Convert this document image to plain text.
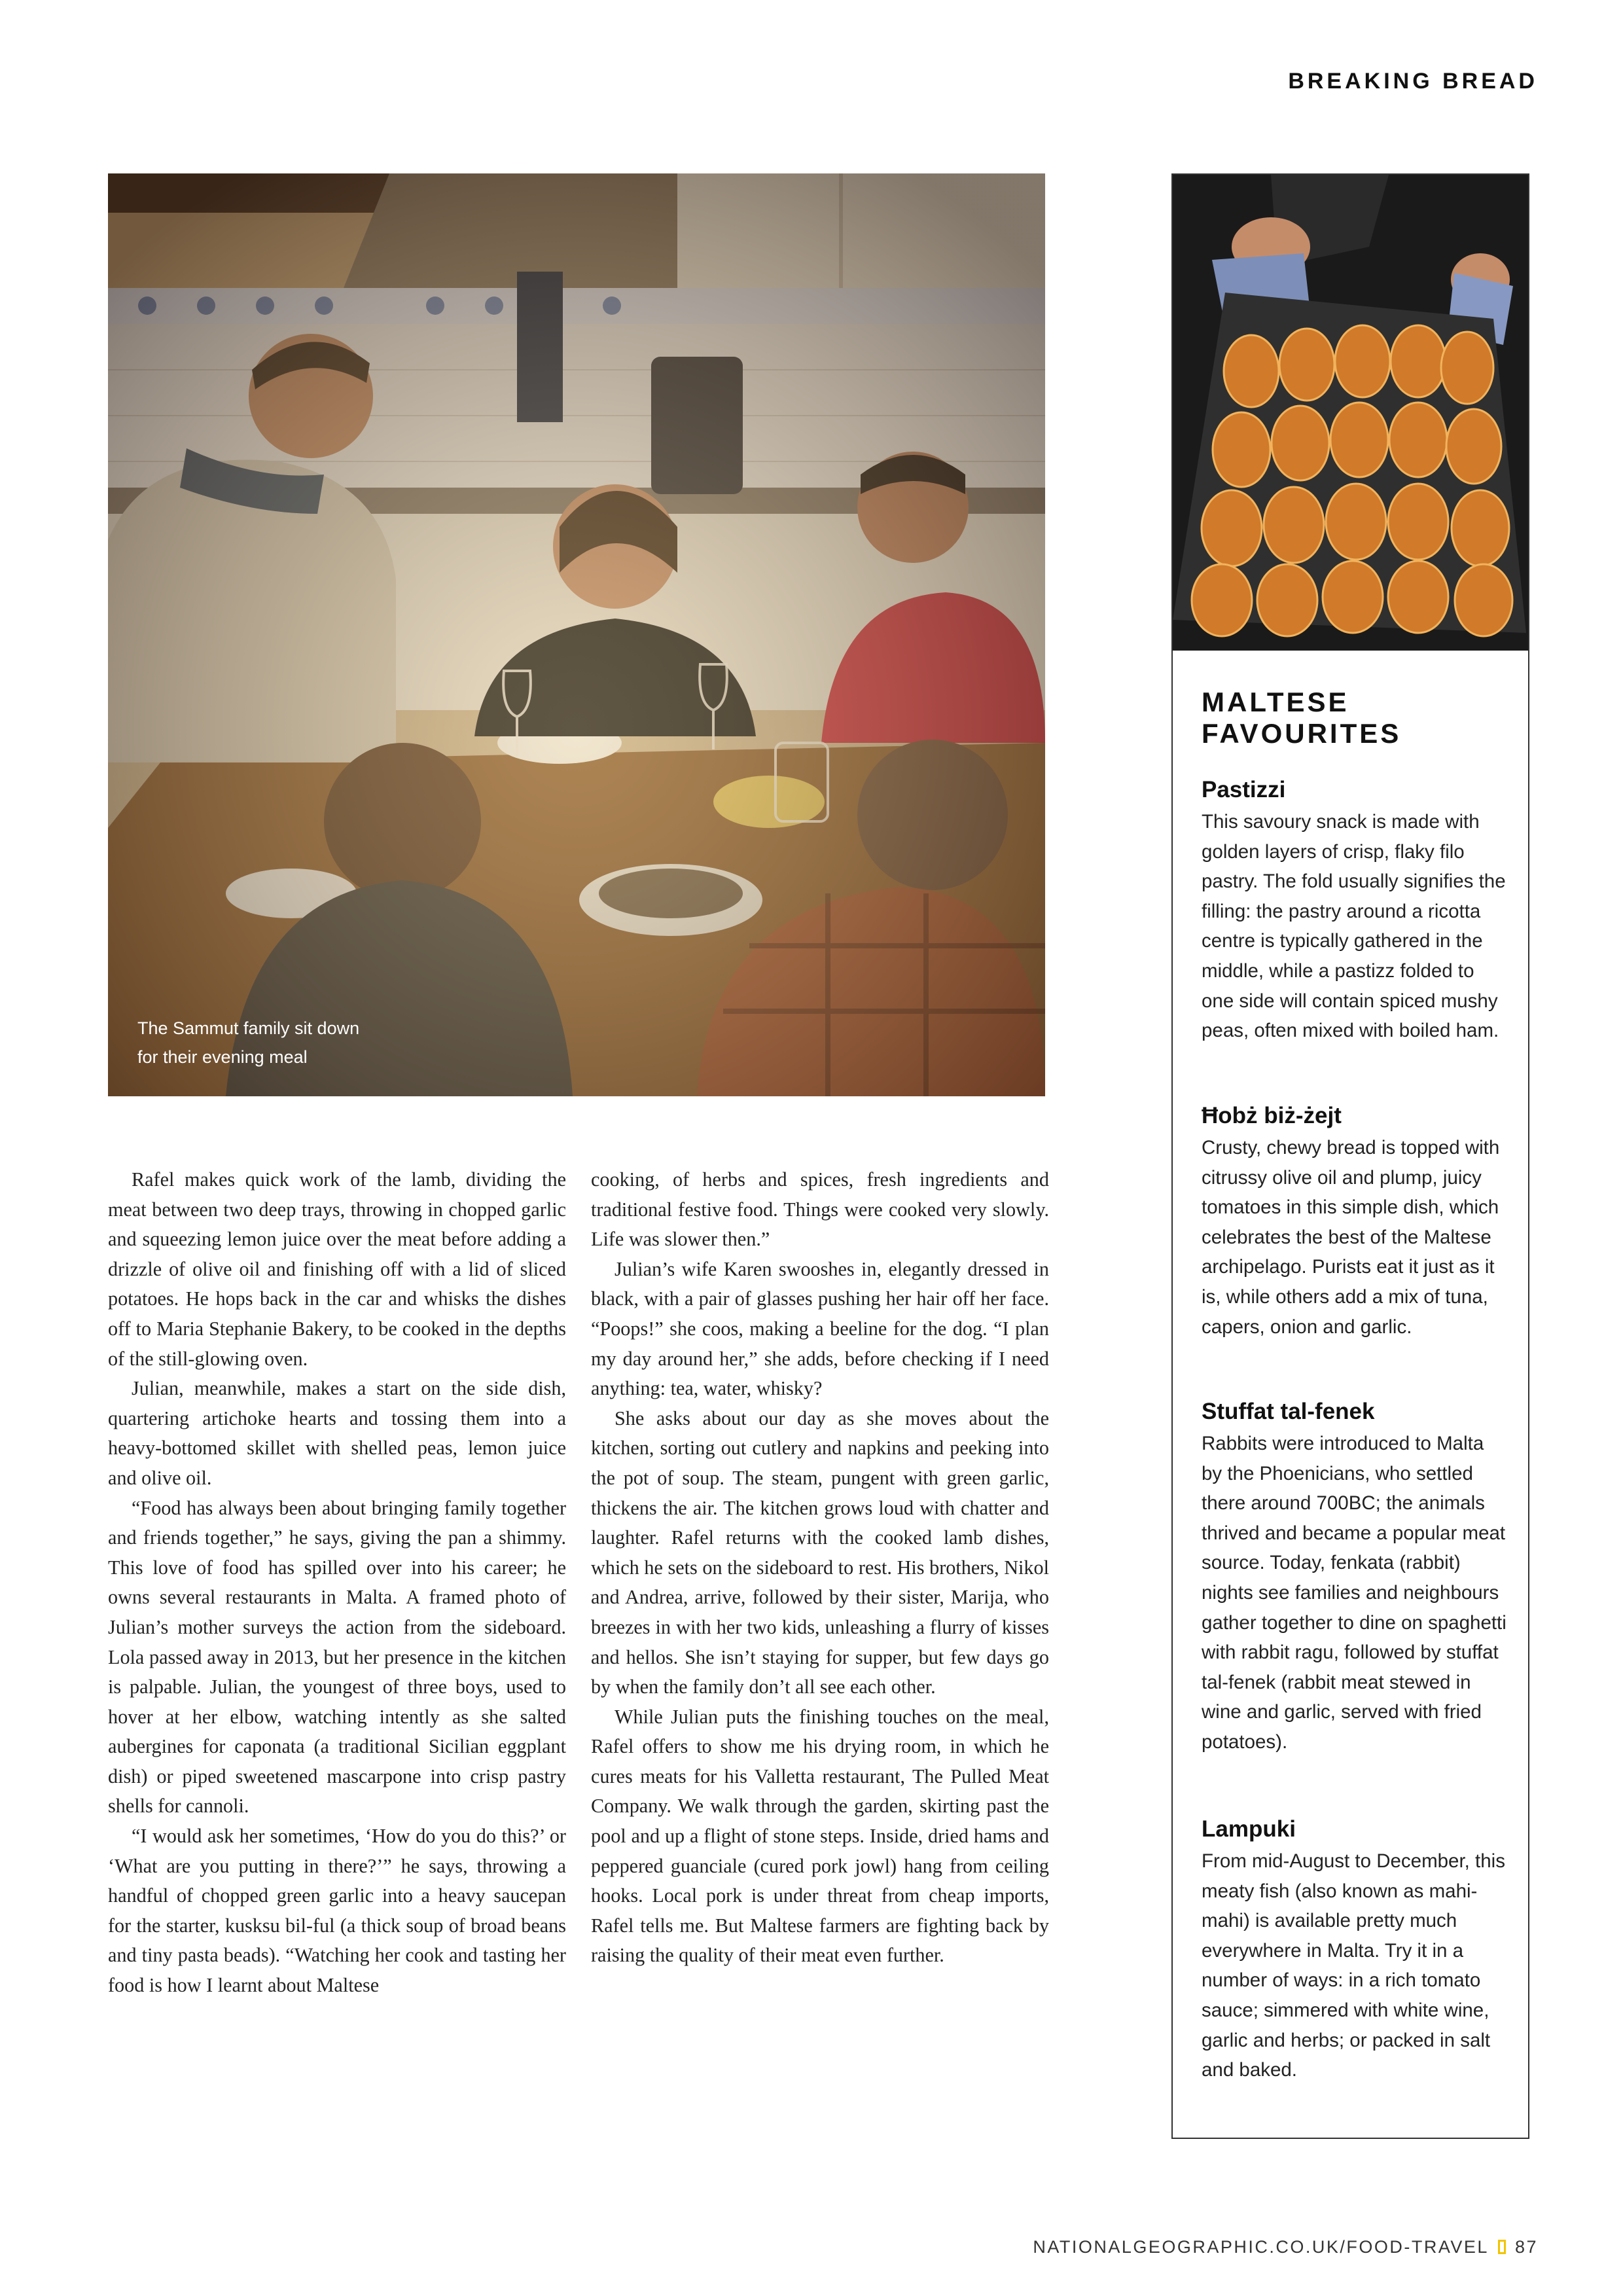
BREAKING BREAD
The Sammut family sit down
for their evening meal

Rafel makes quick work of the lamb, dividing the meat between two deep trays, throwing in chopped garlic and squeezing lemon juice over the meat before adding a drizzle of olive oil and finishing off with a lid of sliced potatoes. He hops back in the car and whisks the dishes off to Maria Stephanie Bakery, to be cooked in the depths of the still-glowing oven.

Julian, meanwhile, makes a start on the side dish, quartering artichoke hearts and tossing them into a heavy-bottomed skillet with shelled peas, lemon juice and olive oil.

“Food has always been about bringing family together and friends together,” he says, giving the pan a shimmy. This love of food has spilled over into his career; he owns several restaurants in Malta. A framed photo of Julian’s mother surveys the action from the sideboard. Lola passed away in 2013, but her presence in the kitchen is palpable. Julian, the youngest of three boys, used to hover at her elbow, watching intently as she salted aubergines for caponata (a traditional Sicilian eggplant dish) or piped sweetened mascarpone into crisp pastry shells for cannoli.

“I would ask her sometimes, ‘How do you do this?’ or ‘What are you putting in there?’” he says, throwing a handful of chopped green garlic into a heavy saucepan for the starter, kusksu bil-ful (a thick soup of broad beans and tiny pasta beads). “Watching her cook and tasting her food is how I learnt about Maltese

cooking, of herbs and spices, fresh ingredients and traditional festive food. Things were cooked very slowly. Life was slower then.”

Julian’s wife Karen swooshes in, elegantly dressed in black, with a pair of glasses pushing her hair off her face. “Poops!” she coos, making a beeline for the dog. “I plan my day around her,” she adds, before checking if I need anything: tea, water, whisky?

She asks about our day as she moves about the kitchen, sorting out cutlery and napkins and peeking into the pot of soup. The steam, pungent with green garlic, thickens the air. The kitchen grows loud with chatter and laughter. Rafel returns with the cooked lamb dishes, which he sets on the sideboard to rest. His brothers, Nikol and Andrea, arrive, followed by their sister, Marija, who breezes in with her two kids, unleashing a flurry of kisses and hellos. She isn’t staying for supper, but few days go by when the family don’t all see each other.

While Julian puts the finishing touches on the meal, Rafel offers to show me his drying room, in which he cures meats for his Valletta restaurant, The Pulled Meat Company. We walk through the garden, skirting past the pool and up a flight of stone steps. Inside, dried hams and peppered guanciale (cured pork jowl) hang from ceiling hooks. Local pork is under threat from cheap imports, Rafel tells me. But Maltese farmers are fighting back by raising the quality of their meat even further.

MALTESE
FAVOURITES
Pastizzi

This savoury snack is made with golden layers of crisp, flaky filo pastry. The fold usually signifies the filling: the pastry around a ricotta centre is typically gathered in the middle, while a pastizz folded to one side will contain spiced mushy peas, often mixed with boiled ham.

Ħobż biż-żejt

Crusty, chewy bread is topped with citrussy olive oil and plump, juicy tomatoes in this simple dish, which celebrates the best of the Maltese archipelago. Purists eat it just as it is, while others add a mix of tuna, capers, onion and garlic.

Stuffat tal-fenek

Rabbits were introduced to Malta by the Phoenicians, who settled there around 700BC; the animals thrived and became a popular meat source. Today, fenkata (rabbit) nights see families and neighbours gather together to dine on spaghetti with rabbit ragu, followed by stuffat tal-fenek (rabbit meat stewed in wine and garlic, served with fried potatoes).

Lampuki

From mid-August to December, this meaty fish (also known as mahi-mahi) is available pretty much everywhere in Malta. Try it in a number of ways: in a rich tomato sauce; simmered with white wine, garlic and herbs; or packed in salt and baked.

NATIONALGEOGRAPHIC.CO.UK/FOOD-TRAVEL 87
